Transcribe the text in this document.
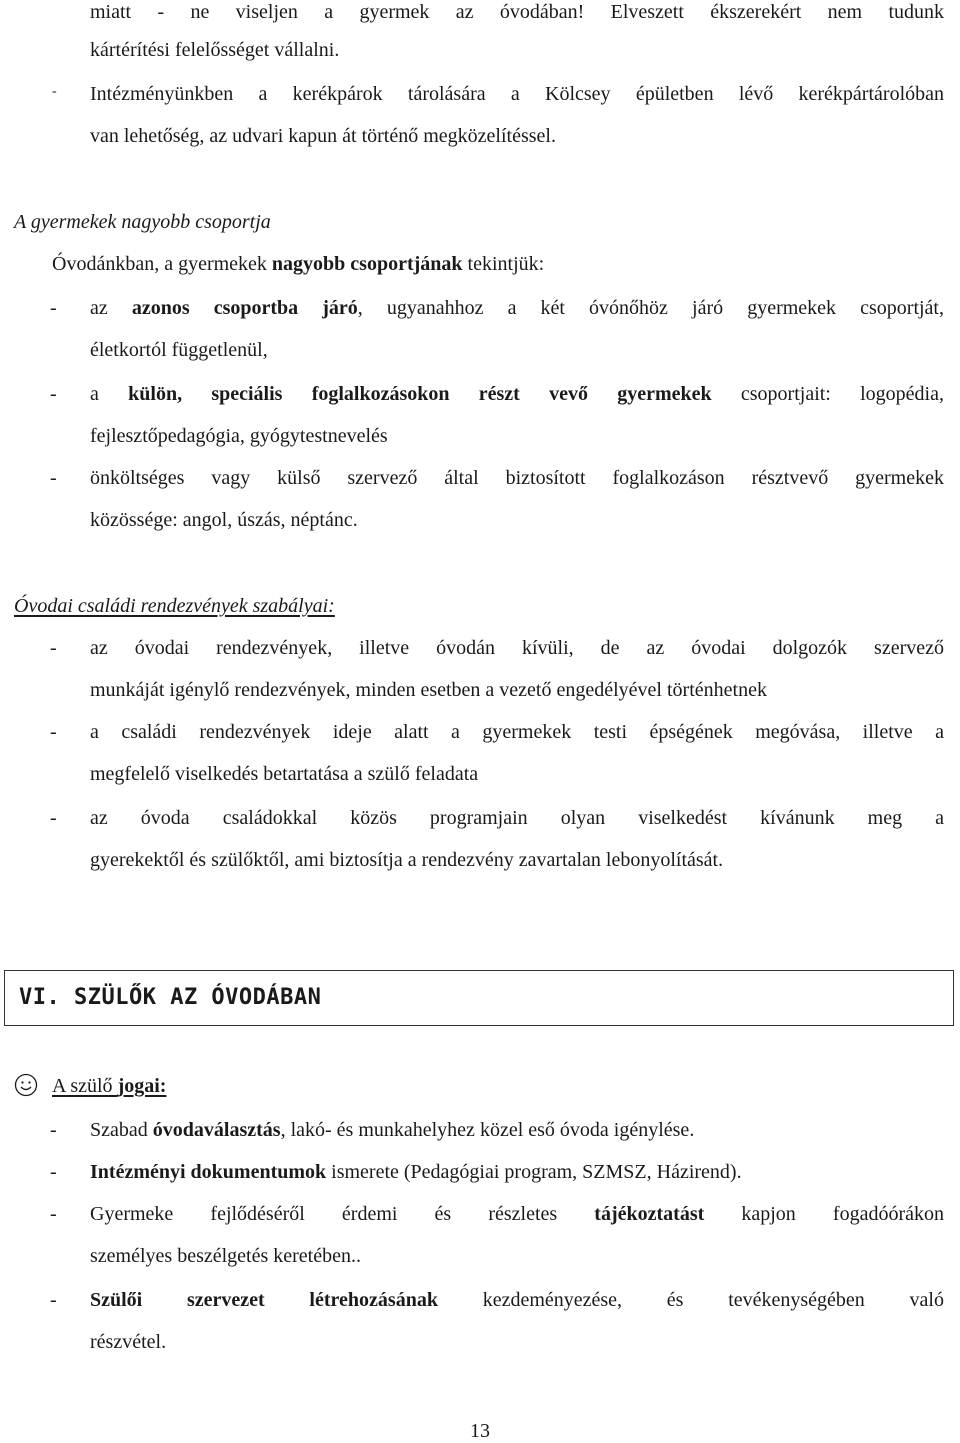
miatt - ne viseljen a gyermek az óvodában! Elveszett ékszerekért nem tudunk
kártérítési felelősséget vállalni.
- Intézményünkben a kerékpárok tárolására a Kölcsey épületben lévő kerékpártárolóban
van lehetőség, az udvari kapun át történő megközelítéssel.
A gyermekek nagyobb csoportja
Óvodánkban, a gyermekek nagyobb csoportjának tekintjük:
- az azonos csoportba járó, ugyanahhoz a két óvónőhöz járó gyermekek csoportját,
életkortól függetlenül,
- a külön, speciális foglalkozásokon részt vevő gyermekek csoportjait: logopédia,
fejlesztőpedagógia, gyógytestnevelés
- önköltséges vagy külső szervező által biztosított foglalkozáson résztvevő gyermekek
közössége: angol, úszás, néptánc.
Óvodai családi rendezvények szabályai:
- az óvodai rendezvények, illetve óvodán kívüli, de az óvodai dolgozók szervező
munkáját igénylő rendezvények, minden esetben a vezető engedélyével történhetnek
- a családi rendezvények ideje alatt a gyermekek testi épségének megóvása, illetve a
megfelelő viselkedés betartatása a szülő feladata
- az óvoda családokkal közös programjain olyan viselkedést kívánunk meg a
gyerekektől és szülőktől, ami biztosítja a rendezvény zavartalan lebonyolítását.
VI. SZÜLŐK AZ ÓVODÁBAN
A szülő jogai:
- Szabad óvodaválasztás, lakó- és munkahelyhez közel eső óvoda igénylése.
- Intézményi dokumentumok ismerete (Pedagógiai program, SZMSZ, Házirend).
- Gyermeke fejlődéséről érdemi és részletes tájékoztatást kapjon fogadóórákon
személyes beszélgetés keretében..
- Szülői szervezet létrehozásának kezdeményezése, és tevékenységében való
részvétel.
13
